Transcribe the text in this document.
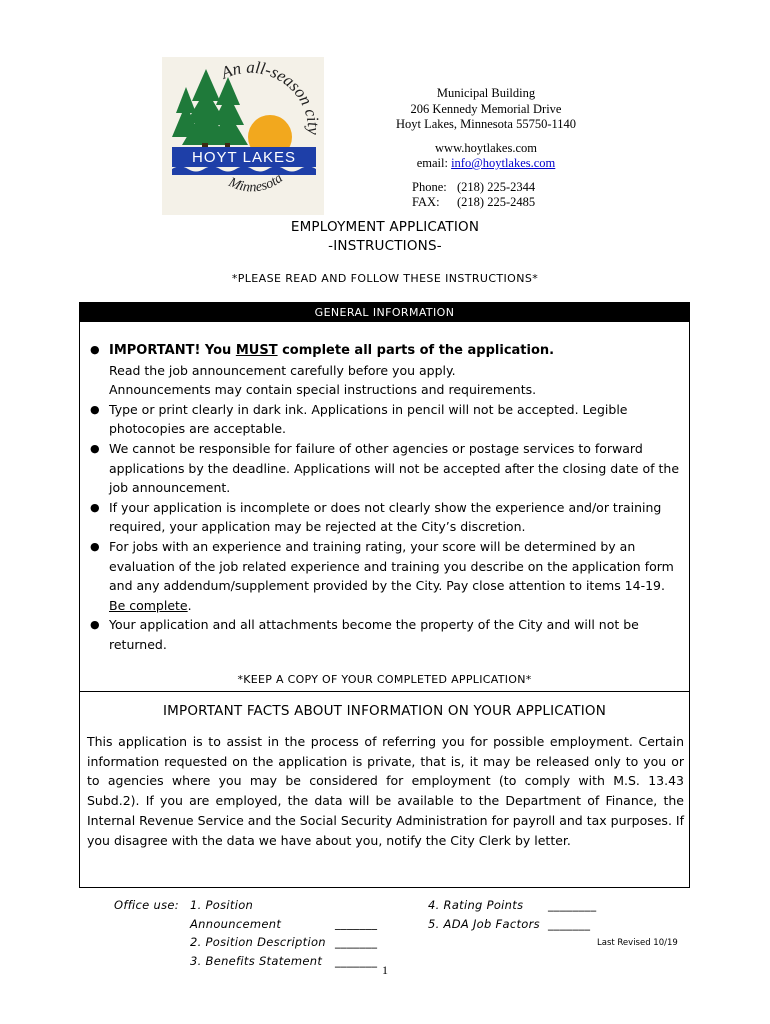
HOYT LAKES
An all-season city
Minnesota
Municipal Building
206 Kennedy Memorial Drive
Hoyt Lakes, Minnesota 55750-1140
www.hoytlakes.com
email: info@hoytlakes.com
Phone: (218) 225-2344
FAX: (218) 225-2485
EMPLOYMENT APPLICATION
-INSTRUCTIONS-
*PLEASE READ AND FOLLOW THESE INSTRUCTIONS*
GENERAL INFORMATION
● IMPORTANT! You MUST complete all parts of the application.
Read the job announcement carefully before you apply.
Announcements may contain special instructions and requirements.
● Type or print clearly in dark ink. Applications in pencil will not be accepted. Legible photocopies are acceptable.
● We cannot be responsible for failure of other agencies or postage services to forward applications by the deadline. Applications will not be accepted after the closing date of the job announcement.
● If your application is incomplete or does not clearly show the experience and/or training required, your application may be rejected at the City’s discretion.
● For jobs with an experience and training rating, your score will be determined by an evaluation of the job related experience and training you describe on the application form and any addendum/supplement provided by the City. Pay close attention to items 14-19. Be complete.
● Your application and all attachments become the property of the City and will not be returned.
*KEEP A COPY OF YOUR COMPLETED APPLICATION*
IMPORTANT FACTS ABOUT INFORMATION ON YOUR APPLICATION
This application is to assist in the process of referring you for possible employment. Certain information requested on the application is private, that is, it may be released only to you or to agencies where you may be considered for employment (to comply with M.S. 13.43 Subd.2). If you are employed, the data will be available to the Department of Finance, the Internal Revenue Service and the Social Security Administration for payroll and tax purposes. If you disagree with the data we have about you, notify the City Clerk by letter.
Office use: 1. Position Announcement	_______
2. Position Description _______
3. Benefits Statement _______
4. Rating Points ________
5. ADA Job Factors _______
Last Revised 10/19
1
